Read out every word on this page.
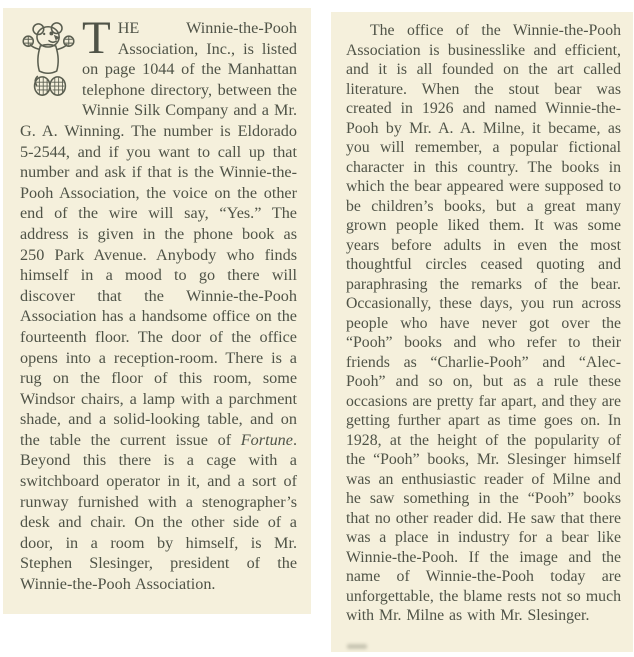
THE Winnie-the-Pooh Association, Inc., is listed on page 1044 of the Manhattan telephone directory, between the Winnie Silk Company and a Mr. G. A. Winning. The number is Eldorado 5-2544, and if you want to call up that number and ask if that is the Winnie-the-Pooh Association, the voice on the other end of the wire will say, “Yes.” The address is given in the phone book as 250 Park Avenue. Anybody who finds himself in a mood to go there will discover that the Winnie-the-Pooh Association has a handsome office on the fourteenth floor. The door of the office opens into a reception-room. There is a rug on the floor of this room, some Windsor chairs, a lamp with a parchment shade, and a solid-looking table, and on the table the current issue of Fortune. Beyond this there is a cage with a switchboard operator in it, and a sort of runway furnished with a stenographer’s desk and chair. On the other side of a door, in a room by himself, is Mr. Stephen Slesinger, president of the Winnie-the-Pooh Association.

The office of the Winnie-the-Pooh Association is businesslike and efficient, and it is all founded on the art called literature. When the stout bear was created in 1926 and named Winnie-the-Pooh by Mr. A. A. Milne, it became, as you will remember, a popular fictional character in this country. The books in which the bear appeared were supposed to be children’s books, but a great many grown people liked them. It was some years before adults in even the most thoughtful circles ceased quoting and paraphrasing the remarks of the bear. Occasionally, these days, you run across people who have never got over the “Pooh” books and who refer to their friends as “Charlie-Pooh” and “Alec-Pooh” and so on, but as a rule these occasions are pretty far apart, and they are getting further apart as time goes on. In 1928, at the height of the popularity of the “Pooh” books, Mr. Slesinger himself was an enthusiastic reader of Milne and he saw something in the “Pooh” books that no other reader did. He saw that there was a place in industry for a bear like Winnie-the-Pooh. If the image and the name of Winnie-the-Pooh today are unforgettable, the blame rests not so much with Mr. Milne as with Mr. Slesinger.
